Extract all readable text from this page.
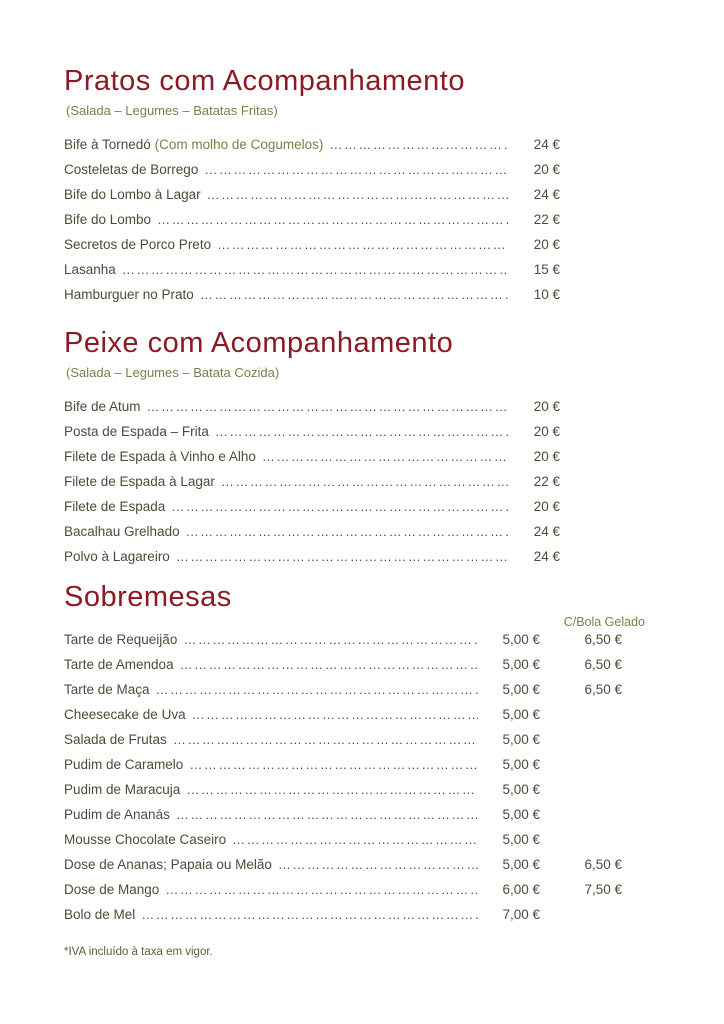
Pratos com Acompanhamento

(Salada – Legumes – Batatas Fritas)

Bife à Tornedó (Com molho de Cogumelos) ……………………………………………………………………………………………………………………	24 €
Costeletas de Borrego ……………………………………………………………………………………………………………………	20 €
Bife do Lombo à Lagar ……………………………………………………………………………………………………………………	24 €
Bife do Lombo ……………………………………………………………………………………………………………………	22 €
Secretos de Porco Preto ……………………………………………………………………………………………………………………	20 €
Lasanha ……………………………………………………………………………………………………………………	15 €
Hamburguer no Prato ……………………………………………………………………………………………………………………	10 €
Peixe com Acompanhamento

(Salada – Legumes – Batata Cozida)

Bife de Atum ……………………………………………………………………………………………………………………	20 €
Posta de Espada – Frita ……………………………………………………………………………………………………………………	20 €
Filete de Espada à Vinho e Alho ……………………………………………………………………………………………………………………	20 €
Filete de Espada à Lagar ……………………………………………………………………………………………………………………	22 €
Filete de Espada ……………………………………………………………………………………………………………………	20 €
Bacalhau Grelhado ……………………………………………………………………………………………………………………	24 €
Polvo à Lagareiro ……………………………………………………………………………………………………………………	24 €
Sobremesas
C/Bola Gelado
Tarte de Requeijão ……………………………………………………………………………………………………………………	5,00 €	6,50 €
Tarte de Amendoa ……………………………………………………………………………………………………………………	5,00 €	6,50 €
Tarte de Maça ……………………………………………………………………………………………………………………	5,00 €	6,50 €
Cheesecake de Uva ……………………………………………………………………………………………………………………	5,00 €
Salada de Frutas ……………………………………………………………………………………………………………………	5,00 €
Pudim de Caramelo ……………………………………………………………………………………………………………………	5,00 €
Pudim de Maracuja ……………………………………………………………………………………………………………………	5,00 €
Pudim de Ananás ……………………………………………………………………………………………………………………	5,00 €
Mousse Chocolate Caseiro ……………………………………………………………………………………………………………………	5,00 €
Dose de Ananas; Papaia ou Melão ……………………………………………………………………………………………………………………	5,00 €	6,50 €
Dose de Mango ……………………………………………………………………………………………………………………	6,00 €	7,50 €
Bolo de Mel ……………………………………………………………………………………………………………………	7,00 €

*IVA incluído à taxa em vigor.
